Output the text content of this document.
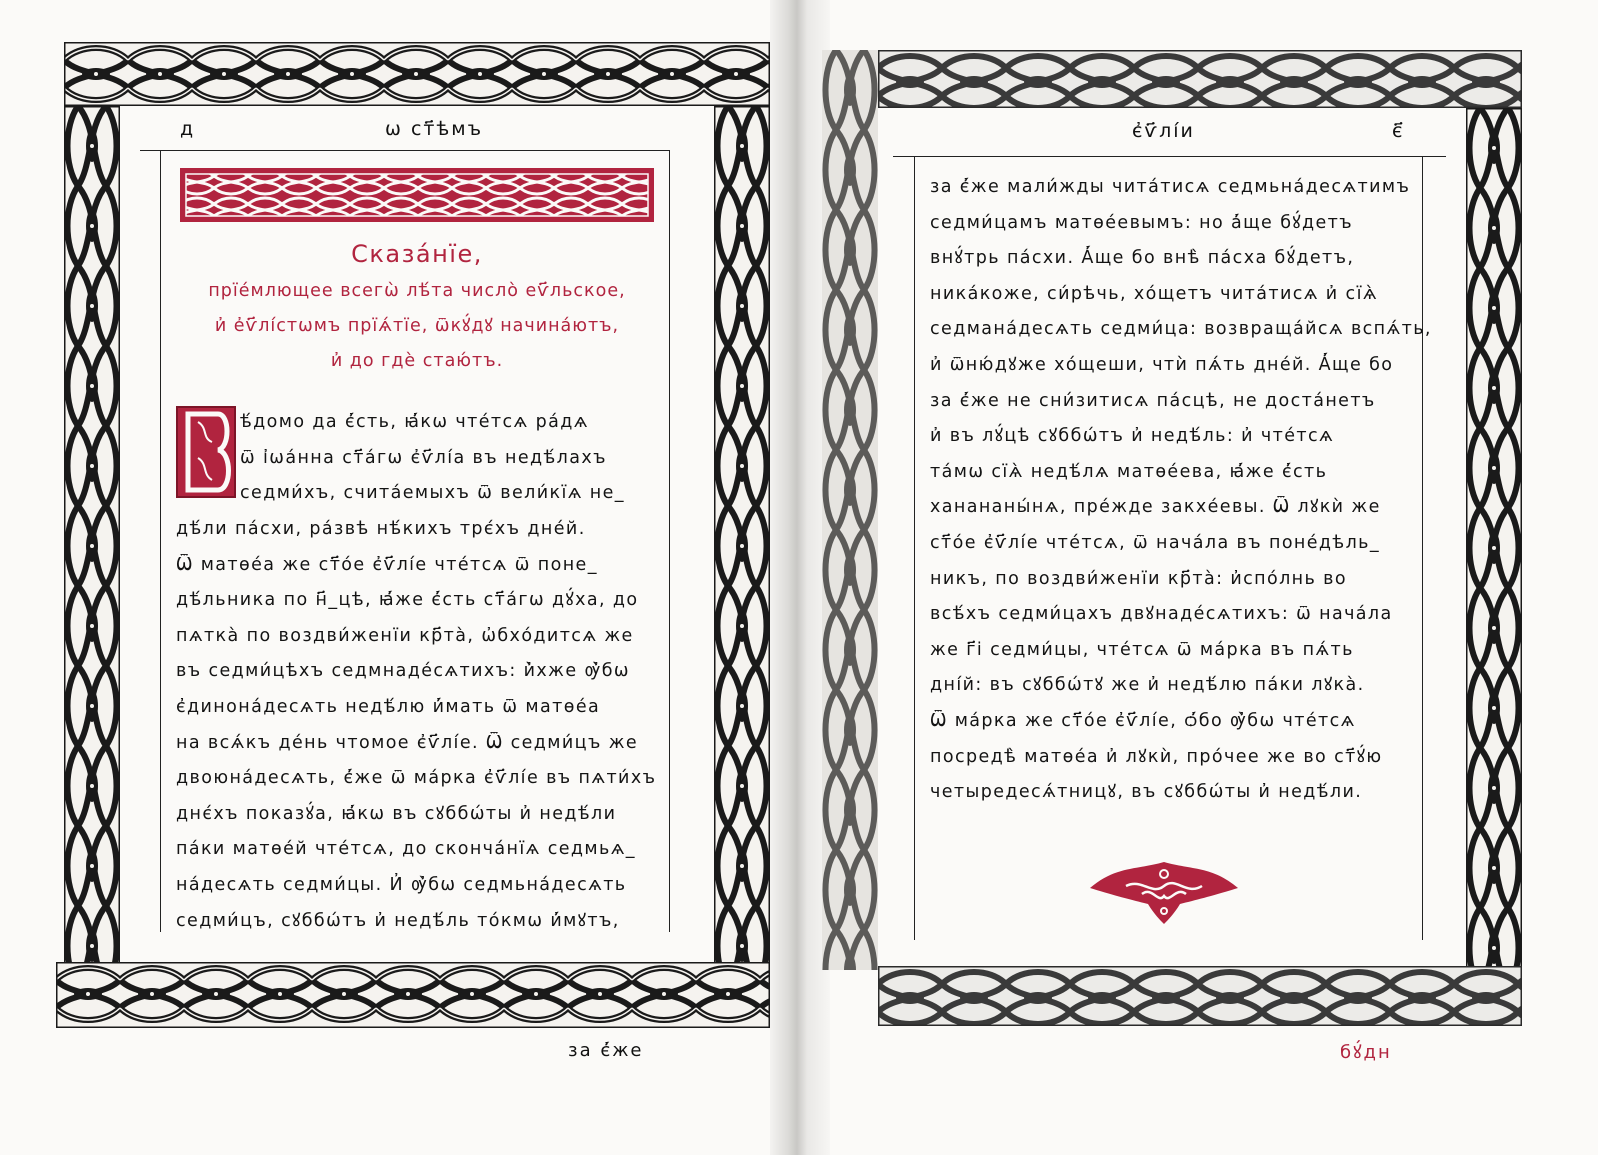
д	ѡ ст҃ѣмъ
Сказа́нїе,
прїе́млющее всегѡ̀ лѣ́та число̀ еѵ҃льское,
и҆ е҆ѵ҃лі́стѡмъ прїѧ́тїе, ѿкꙋ́дꙋ начина́ютъ,
и҆ до гдѐ стаю́тъ.
ѣ́домо да є҆́сть, ꙗ҆́кѡ чте́тсѧ ра́дѧ
ѿ і҆ѡа́нна ст҃а́гѡ є҆ѵ҃лі́а въ недѣ́лахъ
седми́хъ, счита́емыхъ ѿ вели́кїѧ не_
дѣ́ли па́схи, ра́звѣ нѣ́кихъ трє́хъ дне́й.
Ѿ матѳе́а же ст҃о́е є҆ѵ҃лі́е чте́тсѧ ѿ поне_
дѣ́льника по н҃_цѣ, ꙗ҆́же є҆́сть ст҃а́гѡ дꙋ́ха, до
пѧткà по воздви́женїи кр҃та̀, ѡ҆бхо́дитсѧ же
въ седми́цѣхъ седмнаде́сѧтихъ: и҆̀хже ѹ҆̀бѡ
є҆динона́десѧть недѣ́лю и҆́мать ѿ матѳе́а
на всѧ́къ де́нь чтомое є҆ѵ҃лі́е. Ѿ седми́цъ же
двоюна́десѧть, є҆́же ѿ ма́рка є҆ѵ҃лі́е въ пѧти́хъ
днє́хъ показꙋ́а, ꙗ҆́кѡ въ сꙋббѡ́ты и҆ недѣ́ли
па́ки матѳе́й чте́тсѧ, до сконча́нїѧ седмьѧ_
на́десѧть седми́цы. И҆ ѹ҆̀бѡ седмьна́десѧть
седми́цъ, сꙋббѡ́тъ и҆ недѣ́ль то́кмѡ и҆́мꙋтъ,
за є҆́же
є҆ѵ҃лі́и	є҃
за є҆́же мали́жды чита́тисѧ седмьна́десѧтимъ
седми́цамъ матѳе́евымъ: но а҆́ще бꙋ́детъ
внꙋ́трь па́схи. А҆́ще бо внѣ̀ па́сха бꙋ́детъ,
ника́коже, си́рѣчь, хо́щетъ чита́тисѧ и҆ сїѧ̀
седмана́десѧть седми́ца: возвраща́йсѧ вспѧ́ть,
и҆ ѿню́дꙋже хо́щеши, чтѝ пѧ́ть дне́й. А҆́ще бо
за є҆́же не сни́зитисѧ па́сцѣ, не доста́нетъ
и҆ въ лꙋ́цѣ сꙋббѡ́тъ и҆ недѣ́ль: и҆ чте́тсѧ
та́мѡ сїѧ̀ недѣ́лѧ матѳе́ева, ꙗ҆́же є҆́сть
ханананы́нѧ, пре́жде закхе́евы. Ѿ лꙋкѝ же
ст҃о́е є҆ѵ҃лі́е чте́тсѧ, ѿ нача́ла въ поне́дѣль_
никъ, по воздви́женїи кр҃та̀: и҆спо́лнь во
всѣ́хъ седми́цахъ двꙋнаде́сѧтихъ: ѿ нача́ла
же г҃і седми́цы, чте́тсѧ ѿ ма́рка въ пѧ́ть
дні́й: въ сꙋббѡ́тꙋ же и҆ недѣ́лю па́ки лꙋка̀.
Ѿ ма́рка же ст҃о́е є҆ѵ҃лі́е, ѻ҆́бо ѹ҆̀бѡ чте́тсѧ
посредѣ̀ матѳе́а и҆ лꙋкѝ, про́чее же во ст҃ꙋ́ю
четыредесѧ́тницꙋ, въ сꙋббѡ́ты и҆ недѣ́ли.
бꙋ́дн
